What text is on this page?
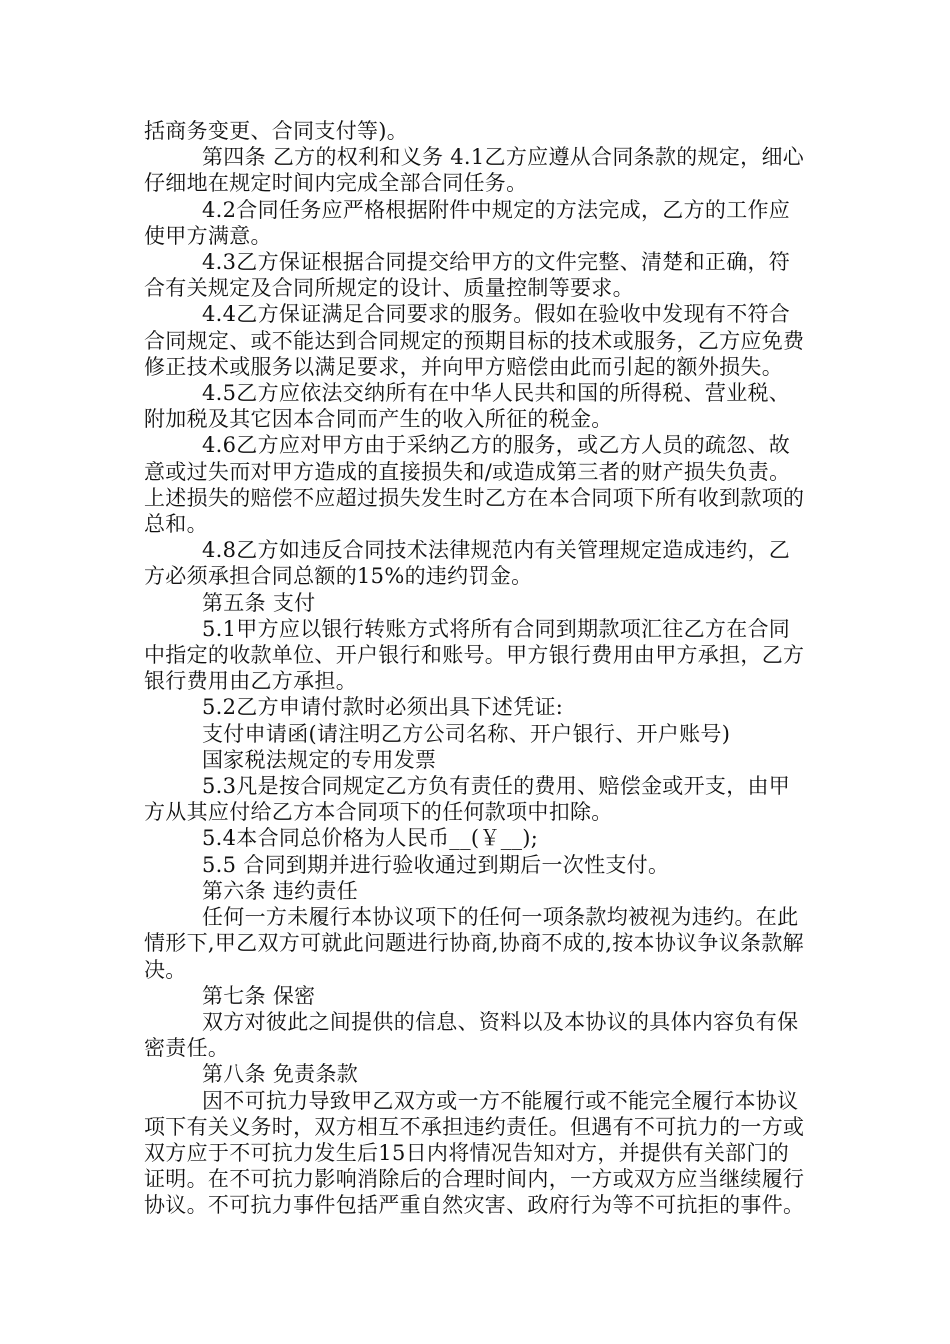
括商务变更、合同支付等)。

第四条 乙方的权利和义务 4.1乙方应遵从合同条款的规定，细心仔细地在规定时间内完成全部合同任务。

4.2合同任务应严格根据附件中规定的方法完成，乙方的工作应使甲方满意。

4.3乙方保证根据合同提交给甲方的文件完整、清楚和正确，符合有关规定及合同所规定的设计、质量控制等要求。

4.4乙方保证满足合同要求的服务。假如在验收中发现有不符合合同规定、或不能达到合同规定的预期目标的技术或服务，乙方应免费修正技术或服务以满足要求，并向甲方赔偿由此而引起的额外损失。

4.5乙方应依法交纳所有在中华人民共和国的所得税、营业税、附加税及其它因本合同而产生的收入所征的税金。

4.6乙方应对甲方由于采纳乙方的服务，或乙方人员的疏忽、故意或过失而对甲方造成的直接损失和/或造成第三者的财产损失负责。上述损失的赔偿不应超过损失发生时乙方在本合同项下所有收到款项的总和。

4.8乙方如违反合同技术法律规范内有关管理规定造成违约，乙方必须承担合同总额的15%的违约罚金。

第五条 支付

5.1甲方应以银行转账方式将所有合同到期款项汇往乙方在合同中指定的收款单位、开户银行和账号。甲方银行费用由甲方承担，乙方银行费用由乙方承担。

5.2乙方申请付款时必须出具下述凭证:

支付申请函(请注明乙方公司名称、开户银行、开户账号)

国家税法规定的专用发票

5.3凡是按合同规定乙方负有责任的费用、赔偿金或开支，由甲方从其应付给乙方本合同项下的任何款项中扣除。

5.4本合同总价格为人民币__(￥__);

5.5 合同到期并进行验收通过到期后一次性支付。

第六条 违约责任

任何一方未履行本协议项下的任何一项条款均被视为违约。在此情形下,甲乙双方可就此问题进行协商,协商不成的,按本协议争议条款解决。

第七条 保密

双方对彼此之间提供的信息、资料以及本协议的具体内容负有保密责任。

第八条 免责条款

因不可抗力导致甲乙双方或一方不能履行或不能完全履行本协议项下有关义务时，双方相互不承担违约责任。但遇有不可抗力的一方或双方应于不可抗力发生后15日内将情况告知对方，并提供有关部门的证明。在不可抗力影响消除后的合理时间内，一方或双方应当继续履行协议。不可抗力事件包括严重自然灾害、政府行为等不可抗拒的事件。
